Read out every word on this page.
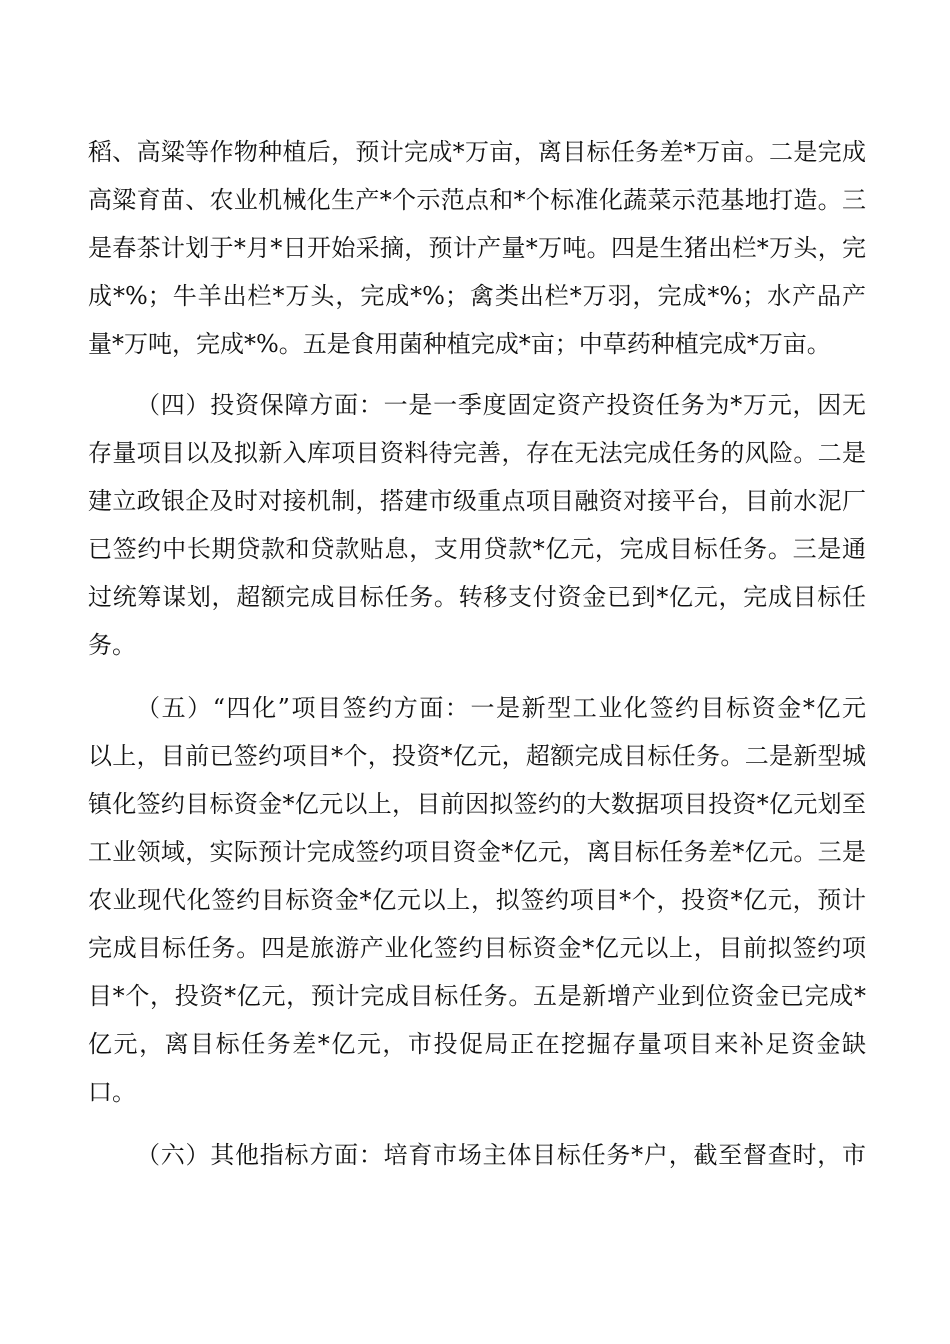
稻、高粱等作物种植后，预计完成*万亩，离目标任务差*万亩。二是完成
高粱育苗、农业机械化生产*个示范点和*个标准化蔬菜示范基地打造。三
是春茶计划于*月*日开始采摘，预计产量*万吨。四是生猪出栏*万头，完
成*%；牛羊出栏*万头，完成*%；禽类出栏*万羽，完成*%；水产品产
量*万吨，完成*%。五是食用菌种植完成*亩；中草药种植完成*万亩。
（四）投资保障方面：一是一季度固定资产投资任务为*万元，因无
存量项目以及拟新入库项目资料待完善，存在无法完成任务的风险。二是
建立政银企及时对接机制，搭建市级重点项目融资对接平台，目前水泥厂
已签约中长期贷款和贷款贴息，支用贷款*亿元，完成目标任务。三是通
过统筹谋划，超额完成目标任务。转移支付资金已到*亿元，完成目标任
务。
（五）“四化”项目签约方面：一是新型工业化签约目标资金*亿元
以上，目前已签约项目*个，投资*亿元，超额完成目标任务。二是新型城
镇化签约目标资金*亿元以上，目前因拟签约的大数据项目投资*亿元划至
工业领域，实际预计完成签约项目资金*亿元，离目标任务差*亿元。三是
农业现代化签约目标资金*亿元以上，拟签约项目*个，投资*亿元，预计
完成目标任务。四是旅游产业化签约目标资金*亿元以上，目前拟签约项
目*个，投资*亿元，预计完成目标任务。五是新增产业到位资金已完成*
亿元，离目标任务差*亿元，市投促局正在挖掘存量项目来补足资金缺
口。
（六）其他指标方面：培育市场主体目标任务*户，截至督查时，市
